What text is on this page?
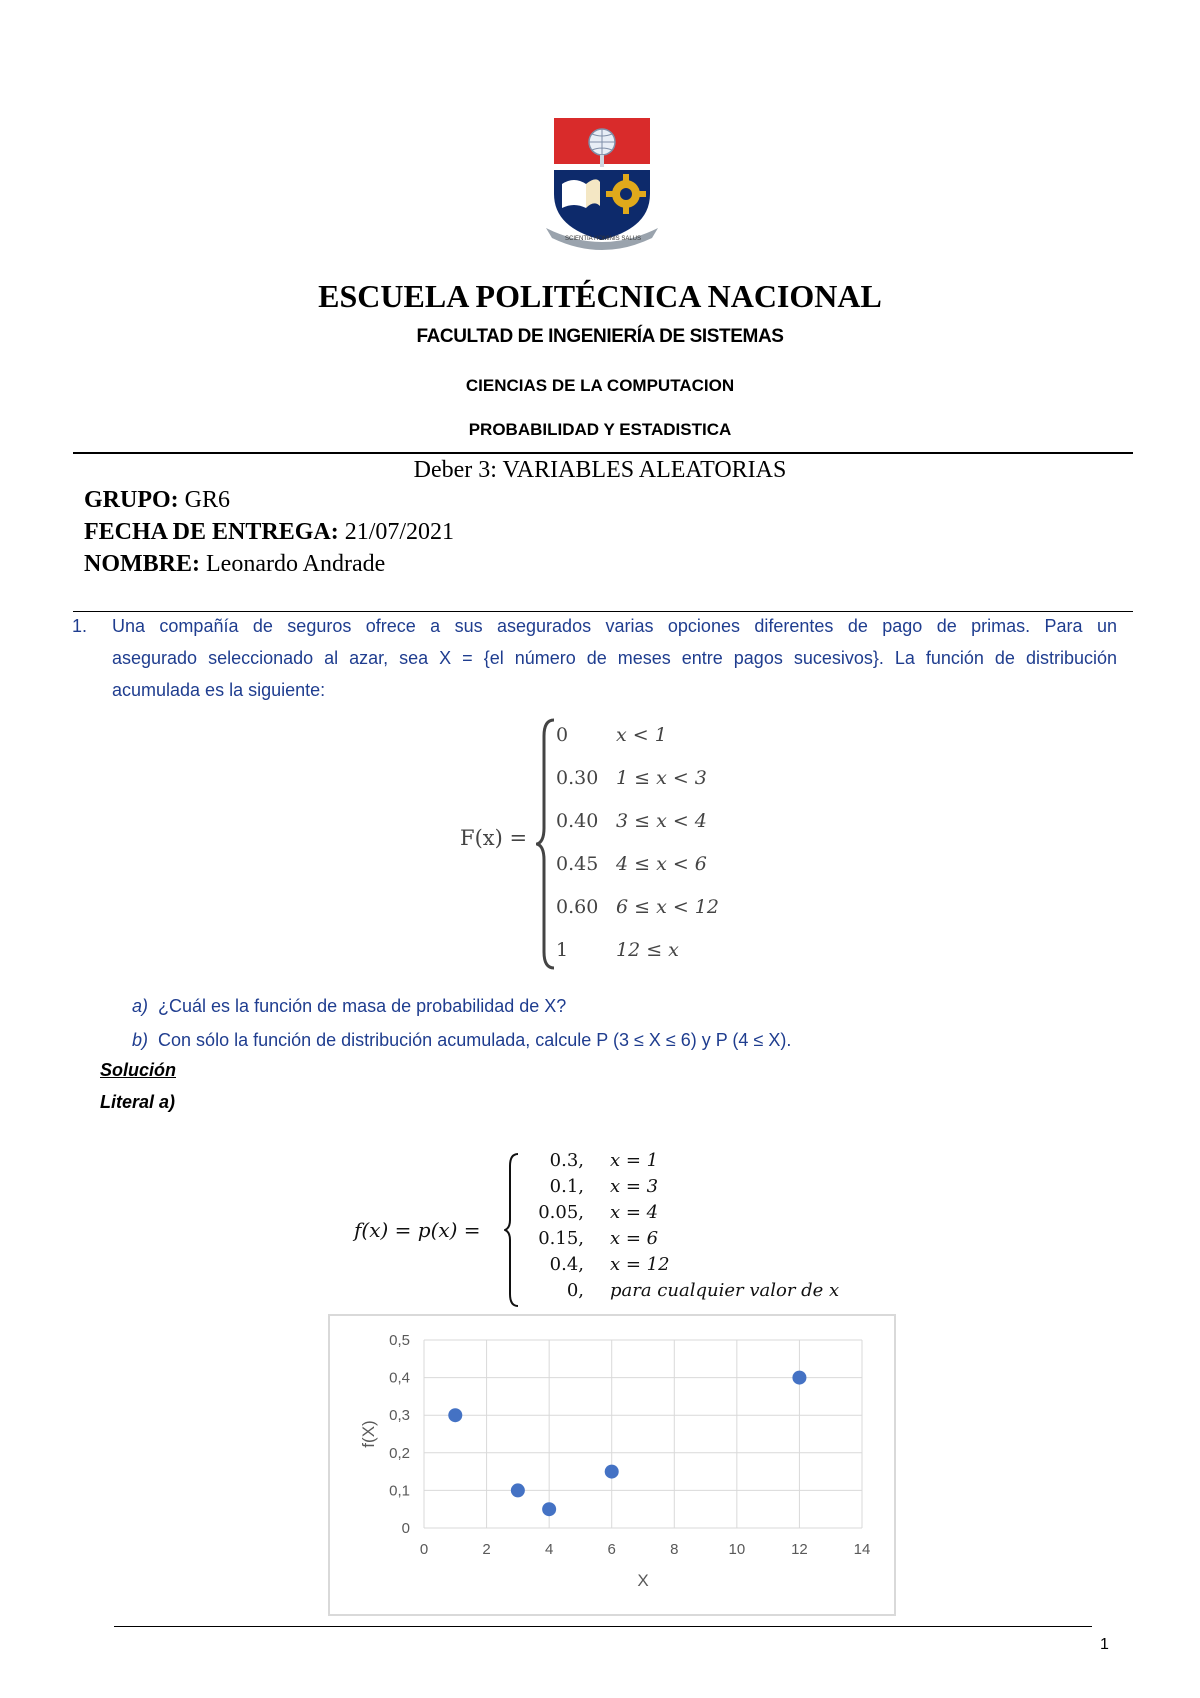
SCIENTIA HOMINIS SALUS
ESCUELA POLITÉCNICA NACIONAL
FACULTAD DE INGENIERÍA DE SISTEMAS
CIENCIAS DE LA COMPUTACION
PROBABILIDAD Y ESTADISTICA
Deber 3: VARIABLES ALEATORIAS
GRUPO: GR6
FECHA DE ENTREGA: 21/07/2021
NOMBRE: Leonardo Andrade
1. Una compañía de seguros ofrece a sus asegurados varias opciones diferentes de pago de primas. Para un
asegurado seleccionado al azar, sea X = {el número de meses entre pagos sucesivos}. La función de distribución
acumulada es la siguiente:
F(x) =
0	x < 1
0.30 1 ≤ x < 3
0.40 3 ≤ x < 4
0.45 4 ≤ x < 6
0.60 6 ≤ x < 12
1	12 ≤ x
a) ¿Cuál es la función de masa de probabilidad de X?
b) Con sólo la función de distribución acumulada, calcule P (3 ≤ X ≤ 6) y P (4 ≤ X).
Solución
Literal a)
f(x) = p(x) =
0.3, x = 1

0.1, x = 3

0.05, x = 4

0.15, x = 6

0.4, x = 12

0, para cualquier valor de x

0	2	4	6	8	10	12	14
0
0,1
0,2
0,3
0,4
0,5
X
f(X)
1
